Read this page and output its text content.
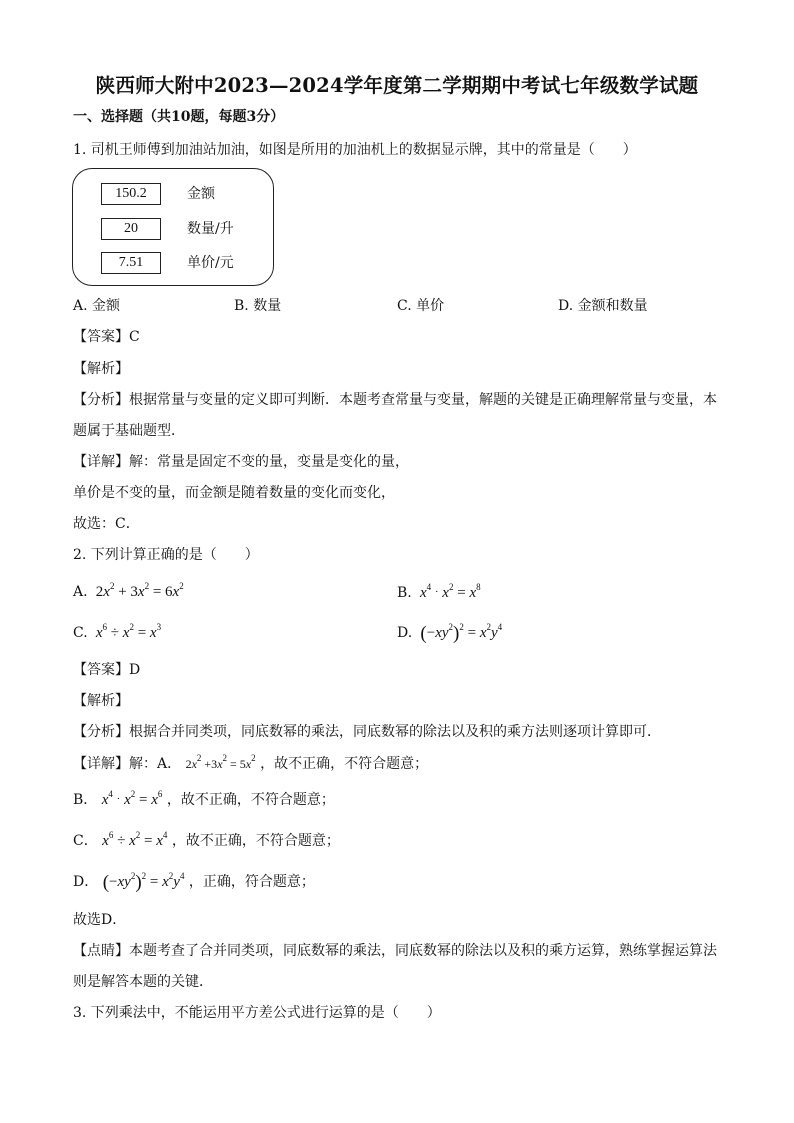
陕西师大附中2023—2024学年度第二学期期中考试七年级数学试题
一、选择题（共10题，每题3分）
1. 司机王师傅到加油站加油，如图是所用的加油机上的数据显示牌，其中的常量是（　　）
150.2	金额
20	数量/升
7.51	单价/元
A. 金额	B. 数量	C. 单价	D. 金额和数量
【答案】C
【解析】
【分析】根据常量与变量的定义即可判断．本题考查常量与变量，解题的关键是正确理解常量与变量，本
题属于基础题型．
【详解】解：常量是固定不变的量，变量是变化的量，
单价是不变的量，而金额是随着数量的变化而变化，
故选：C．
2. 下列计算正确的是（　　）
A. $2x^2 + 3x^2 = 6x^2$	B.  $x^4 \cdot x^2 = x^8$
C.  $x^6 \div x^2 = x^3$	D. $(-xy^2)^2 = x^2y^4$
【答案】D
【解析】
【分析】根据合并同类项，同底数幂的乘法，同底数幂的除法以及积的乘方法则逐项计算即可．
【详解】解：A． $2x^2 +3x^2 = 5x^2$ ，故不正确，不符合题意；
B． $x^4 \cdot x^2 = x^6$ ，故不正确，不符合题意；
C． $x^6 \div x^2 = x^4$ ，故不正确，不符合题意；
D． $(-xy^2)^2 = x^2y^4$ ，正确，符合题意；
故选D．
【点睛】本题考查了合并同类项，同底数幂的乘法，同底数幂的除法以及积的乘方运算，熟练掌握运算法
则是解答本题的关键．
3. 下列乘法中，不能运用平方差公式进行运算的是（　　）
